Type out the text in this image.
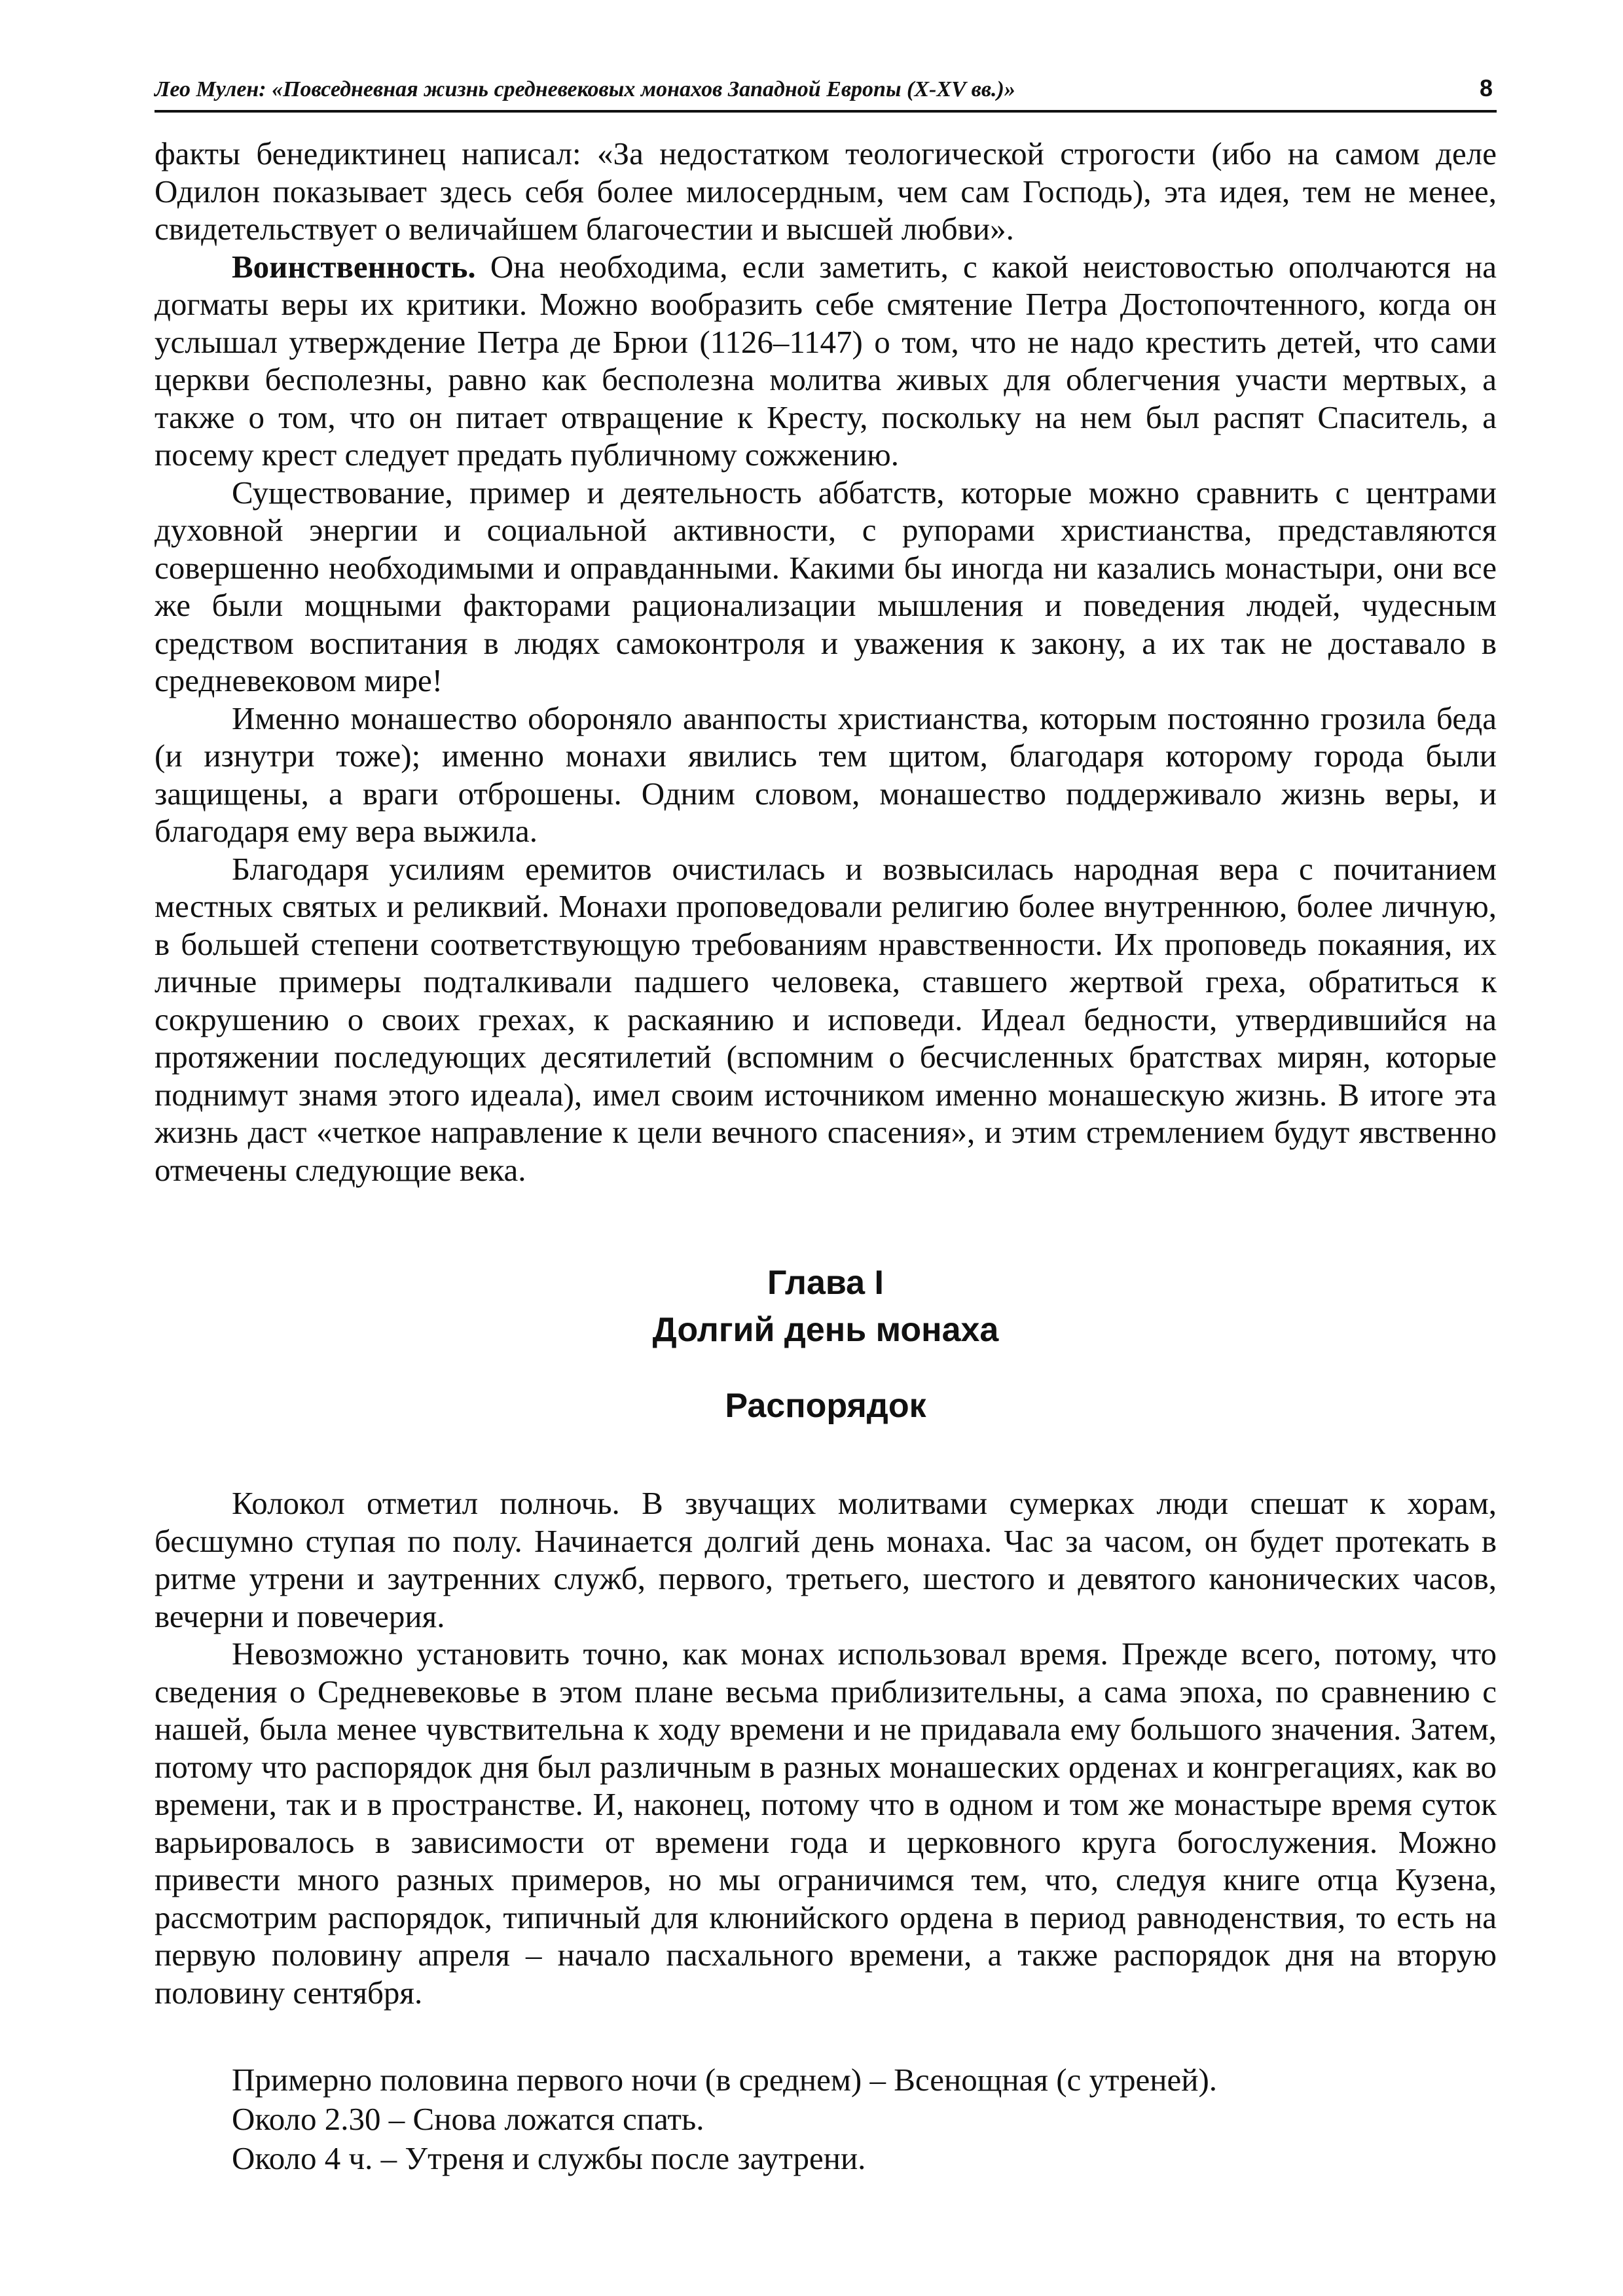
Лео Мулен: «Повседневная жизнь средневековых монахов Западной Европы (X-XV вв.)»	8

факты бенедиктинец написал: «За недостатком теологической строгости (ибо на самом деле Одилон показывает здесь себя более милосердным, чем сам Господь), эта идея, тем не менее, свидетельствует о величайшем благочестии и высшей любви».

Воинственность. Она необходима, если заметить, с какой неистовостью ополчаются на догматы веры их критики. Можно вообразить себе смятение Петра Достопочтенного, когда он услышал утверждение Петра де Брюи (1126–1147) о том, что не надо крестить детей, что сами церкви бесполезны, равно как бесполезна молитва живых для облегчения участи мертвых, а также о том, что он питает отвращение к Кресту, поскольку на нем был распят Спаситель, а посему крест следует предать публичному сожжению.

Существование, пример и деятельность аббатств, которые можно сравнить с центрами духовной энергии и социальной активности, с рупорами христианства, представляются совершенно необходимыми и оправданными. Какими бы иногда ни казались монастыри, они все же были мощными факторами рационализации мышления и поведения людей, чудесным средством воспитания в людях самоконтроля и уважения к закону, а их так не доставало в средневековом мире!

Именно монашество обороняло аванпосты христианства, которым постоянно грозила беда (и изнутри тоже); именно монахи явились тем щитом, благодаря которому города были защищены, а враги отброшены. Одним словом, монашество поддерживало жизнь веры, и благодаря ему вера выжила.

Благодаря усилиям еремитов очистилась и возвысилась народная вера с почитанием местных святых и реликвий. Монахи проповедовали религию более внутреннюю, более личную, в большей степени соответствующую требованиям нравственности. Их проповедь покаяния, их личные примеры подталкивали падшего человека, ставшего жертвой греха, обратиться к сокрушению о своих грехах, к раскаянию и исповеди. Идеал бедности, утвердившийся на протяжении последующих десятилетий (вспомним о бесчисленных братствах мирян, которые поднимут знамя этого идеала), имел своим источником именно монашескую жизнь. В итоге эта жизнь даст «четкое направление к цели вечного спасения», и этим стремлением будут явственно отмечены следующие века.

Глава I
Долгий день монаха
Распорядок

Колокол отметил полночь. В звучащих молитвами сумерках люди спешат к хорам, бесшумно ступая по полу. Начинается долгий день монаха. Час за часом, он будет протекать в ритме утрени и заутренних служб, первого, третьего, шестого и девятого канонических часов, вечерни и повечерия.

Невозможно установить точно, как монах использовал время. Прежде всего, потому, что сведения о Средневековье в этом плане весьма приблизительны, а сама эпоха, по сравнению с нашей, была менее чувствительна к ходу времени и не придавала ему большого значения. Затем, потому что распорядок дня был различным в разных монашеских орденах и конгрегациях, как во времени, так и в пространстве. И, наконец, потому что в одном и том же монастыре время суток варьировалось в зависимости от времени года и церковного круга богослужения. Можно привести много разных примеров, но мы ограничимся тем, что, следуя книге отца Кузена, рассмотрим распорядок, типичный для клюнийского ордена в период равноденствия, то есть на первую половину апреля – начало пасхального времени, а также распорядок дня на вторую половину сентября.

Примерно половина первого ночи (в среднем) – Всенощная (с утреней).
Около 2.30 – Снова ложатся спать.
Около 4 ч. – Утреня и службы после заутрени.
